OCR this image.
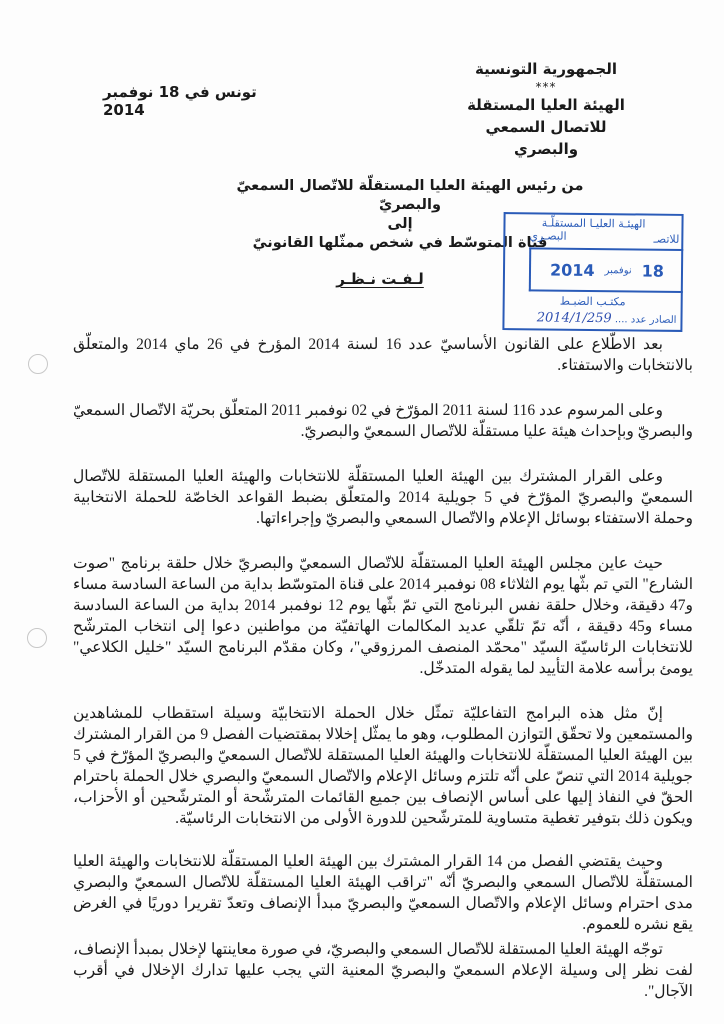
الجمهورية التونسية
***
الهيئة العليا المستقلة
للاتصال السمعي والبصري
تونس في 18 نوفمبر 2014
من رئيس الهيئة العليا المستقلّة للاتّصال السمعيّ والبصريّ
إلى
قناة المتوسّط في شخص ممثّلها القانونيّ
لـفـت نـظـر
الهيئـة العليـا المستقلّـة
للاتصـ
البصـري
18
نوفمبر
2014
مكتـب الضبـط
الصادر عدد .... 2014/1/259

بعد الاطّلاع على القانون الأساسيّ عدد 16 لسنة 2014 المؤرخ في 26 ماي 2014 والمتعلّق بالانتخابات والاستفتاء.

وعلى المرسوم عدد 116 لسنة 2011 المؤرّخ في 02 نوفمبر 2011 المتعلّق بحريّة الاتّصال السمعيّ والبصريّ وبإحداث هيئة عليا مستقلّة للاتّصال السمعيّ والبصريّ.

وعلى القرار المشترك بين الهيئة العليا المستقلّة للانتخابات والهيئة العليا المستقلة للاتّصال السمعيّ والبصريّ المؤرّخ في 5 جويلية 2014 والمتعلّق بضبط القواعد الخاصّة للحملة الانتخابية وحملة الاستفتاء بوسائل الإعلام والاتّصال السمعي والبصريّ وإجراءاتها.

حيث عاين مجلس الهيئة العليا المستقلّة للاتّصال السمعيّ والبصريّ خلال حلقة برنامج "صوت الشارع" التي تم بثّها يوم الثلاثاء 08 نوفمبر 2014 على قناة المتوسّط بداية من الساعة السادسة مساء و47 دقيقة، وخلال حلقة نفس البرنامج التي تمّ بثّها يوم 12 نوفمبر 2014 بداية من الساعة السادسة مساء و45 دقيقة ، أنّه تمّ تلقّي عديد المكالمات الهاتفيّة من مواطنين دعوا إلى انتخاب المترشّح للانتخابات الرئاسيّة السيّد "محمّد المنصف المرزوقي"، وكان مقدّم البرنامج السيّد "خليل الكلاعي" يومئ برأسه علامة التأييد لما يقوله المتدخّل.

إنّ مثل هذه البرامج التفاعليّة تمثّل خلال الحملة الانتخابيّة وسيلة استقطاب للمشاهدين والمستمعين ولا تحقّق التوازن المطلوب، وهو ما يمثّل إخلالا بمقتضيات الفصل 9 من القرار المشترك بين الهيئة العليا المستقلّة للانتخابات والهيئة العليا المستقلة للاتّصال السمعيّ والبصريّ المؤرّخ في 5 جويلية 2014 التي تنصّ على أنّه تلتزم وسائل الإعلام والاتّصال السمعيّ والبصري خلال الحملة باحترام الحقّ في النفاذ إليها على أساس الإنصاف بين جميع القائمات المترشّحة أو المترشّحين أو الأحزاب، ويكون ذلك بتوفير تغطية متساوية للمترشّحين للدورة الأولى من الانتخابات الرئاسيّة.

وحيث يقتضي الفصل من 14 القرار المشترك بين الهيئة العليا المستقلّة للانتخابات والهيئة العليا المستقلّة للاتّصال السمعي والبصريّ أنّه "تراقب الهيئة العليا المستقلّة للاتّصال السمعيّ والبصري مدى احترام وسائل الإعلام والاتّصال السمعيّ والبصريّ مبدأ الإنصاف وتعدّ تقريرا دوريًا في الغرض يقع نشره للعموم.

توجّه الهيئة العليا المستقلة للاتّصال السمعي والبصريّ، في صورة معاينتها لإخلال بمبدأ الإنصاف، لفت نظر إلى وسيلة الإعلام السمعيّ والبصريّ المعنية التي يجب عليها تدارك الإخلال في أقرب الآجال".
